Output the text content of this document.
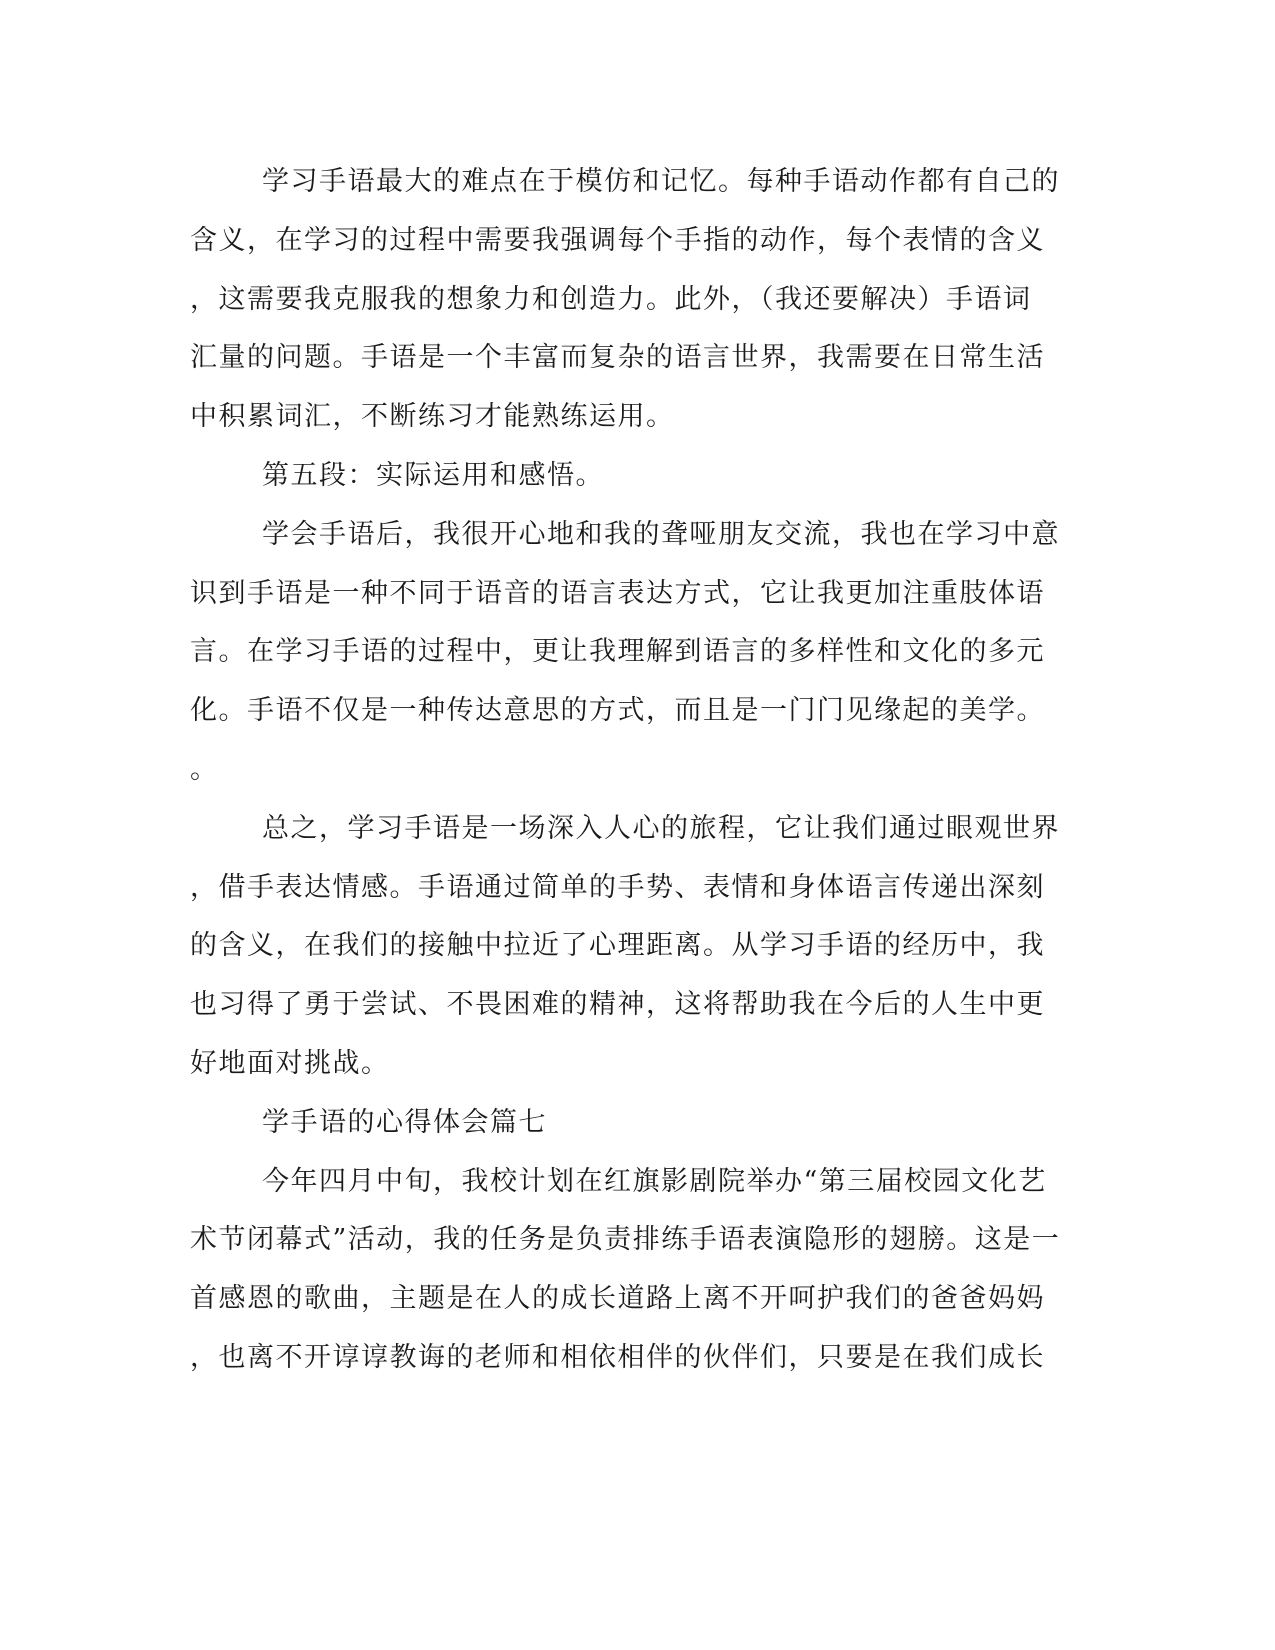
学习手语最大的难点在于模仿和记忆。每种手语动作都有自己的
含义，在学习的过程中需要我强调每个手指的动作，每个表情的含义
，这需要我克服我的想象力和创造力。此外，（我还要解决）手语词
汇量的问题。手语是一个丰富而复杂的语言世界，我需要在日常生活
中积累词汇，不断练习才能熟练运用。
第五段：实际运用和感悟。
学会手语后，我很开心地和我的聋哑朋友交流，我也在学习中意
识到手语是一种不同于语音的语言表达方式，它让我更加注重肢体语
言。在学习手语的过程中，更让我理解到语言的多样性和文化的多元
化。手语不仅是一种传达意思的方式，而且是一门门见缘起的美学。
。
总之，学习手语是一场深入人心的旅程，它让我们通过眼观世界
，借手表达情感。手语通过简单的手势、表情和身体语言传递出深刻
的含义，在我们的接触中拉近了心理距离。从学习手语的经历中，我
也习得了勇于尝试、不畏困难的精神，这将帮助我在今后的人生中更
好地面对挑战。
学手语的心得体会篇七
今年四月中旬，我校计划在红旗影剧院举办“第三届校园文化艺
术节闭幕式”活动，我的任务是负责排练手语表演隐形的翅膀。这是一
首感恩的歌曲，主题是在人的成长道路上离不开呵护我们的爸爸妈妈
，也离不开谆谆教诲的老师和相依相伴的伙伴们，只要是在我们成长
